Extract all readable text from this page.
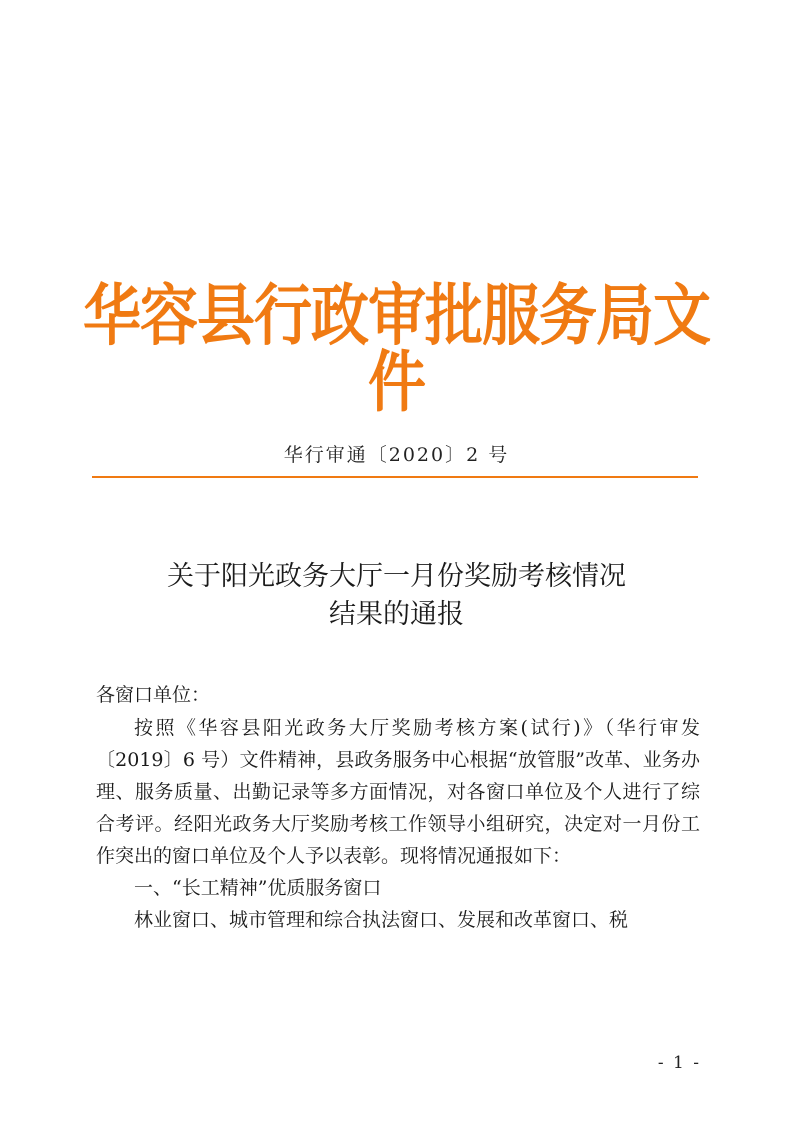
华容县行政审批服务局文件
华行审通〔2020〕2 号
关于阳光政务大厅一月份奖励考核情况
结果的通报
各窗口单位：

按照《华容县阳光政务大厅奖励考核方案(试行)》（华行审发〔2019〕6 号）文件精神，县政务服务中心根据“放管服”改革、业务办理、服务质量、出勤记录等多方面情况，对各窗口单位及个人进行了综合考评。经阳光政务大厅奖励考核工作领导小组研究，决定对一月份工作突出的窗口单位及个人予以表彰。现将情况通报如下：

一、“长工精神”优质服务窗口

林业窗口、城市管理和综合执法窗口、发展和改革窗口、税

- 1 -
